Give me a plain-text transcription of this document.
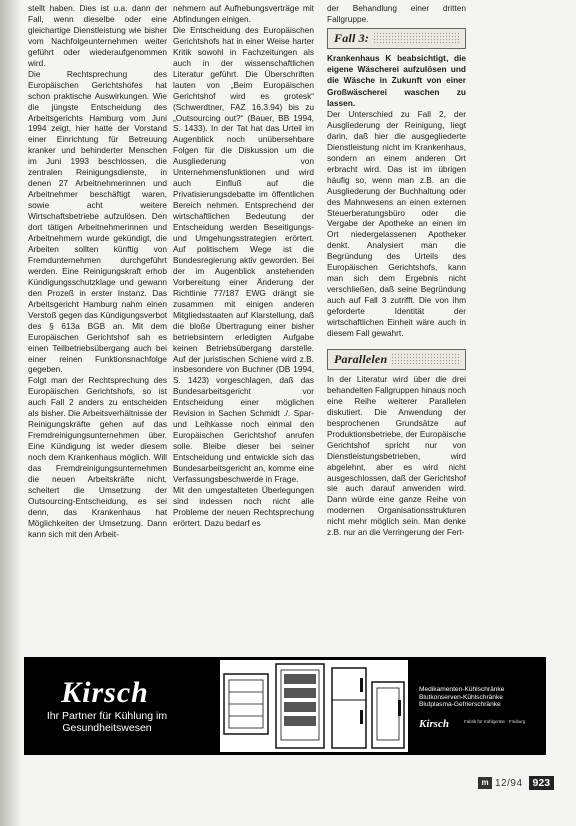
stellt haben. Dies ist u.a. dann der Fall, wenn dieselbe oder eine gleichartige Dienstleistung wie bisher vom Nachfolgeunternehmen weiter geführt oder wiederaufgenommen wird.

Die Rechtsprechung des Europäischen Gerichtshofes hat schon praktische Auswirkungen. Wie die jüngste Entscheidung des Arbeitsgerichts Hamburg vom Juni 1994 zeigt, hier hatte der Vorstand einer Einrichtung für Betreuung kranker und behinderter Menschen im Juni 1993 beschlossen, die zentralen Reinigungsdienste, in denen 27 Arbeitnehmerinnen und Arbeitnehmer beschäftigt waren, sowie acht weitere Wirtschaftsbetriebe aufzulösen. Den dort tätigen Arbeitnehmerinnen und Arbeitnehmern wurde gekündigt, die Arbeiten sollten künftig von Fremdunternehmen durchgeführt werden. Eine Reinigungskraft erhob Kündigungsschutzklage und gewann den Prozeß in erster Instanz. Das Arbeitsgericht Hamburg nahm einen Verstoß gegen das Kündigungsverbot des § 613a BGB an. Mit dem Europäischen Gerichtshof sah es einen Teilbetriebsübergang auch bei einer reinen Funktionsnachfolge gegeben.

Folgt man der Rechtsprechung des Europäischen Gerichtshofs, so ist auch Fall 2 anders zu entscheiden als bisher. Die Arbeitsverhältnisse der Reinigungskräfte gehen auf das Fremdreinigungsunternehmen über. Eine Kündigung ist weder diesem noch dem Krankenhaus möglich. Will das Fremdreinigungsunternehmen die neuen Arbeitskräfte nicht, scheitert die Umsetzung der Outsourcing-Entscheidung, es sei denn, das Krankenhaus hat Möglichkeiten der Umsetzung. Dann kann sich mit den Arbeit-

nehmern auf Aufhebungsverträge mit Abfindungen einigen.

Die Entscheidung des Europäischen Gerichtshofs hat in einer Weise harter Kritik sowohl in Fachzeitungen als auch in der wissenschaftlichen Literatur geführt. Die Überschriften lauten von „Beim Europäischen Gerichtshof wird es grotesk“ (Schwerdtner, FAZ 16.3.94) bis zu „Outsourcing out?“ (Bauer, BB 1994, S. 1433). In der Tat hat das Urteil im Augenblick noch unübersehbare Folgen für die Diskussion um die Ausgliederung von Unternehmensfunktionen und wird auch Einfluß auf die Privatisierungsdebatte im öffentlichen Bereich nehmen. Entsprechend der wirtschaftlichen Bedeutung der Entscheidung werden Beseitigungs- und Umgehungsstrategien erörtert. Auf politischem Wege ist die Bundesregierung aktiv geworden. Bei der im Augenblick anstehenden Vorbereitung einer Änderung der Richtlinie 77/187 EWG drängt sie zusammen mit einigen anderen Mitgliedsstaaten auf Klarstellung, daß die bloße Übertragung einer bisher betriebsintern erledigten Aufgabe keinen Betriebsübergang darstelle. Auf der juristischen Schiene wird z.B. insbesondere von Buchner (DB 1994, S. 1423) vorgeschlagen, daß das Bundesarbeitsgericht vor Entscheidung einer möglichen Revision in Sachen Schmidt ./. Spar- und Leihkasse noch einmal den Europäischen Gerichtshof anrufen solle. Bleibe dieser bei seiner Entscheidung und entwickle sich das Bundesarbeitsgericht an, komme eine Verfassungsbeschwerde in Frage.

Mit den umgestalteten Überlegungen sind indessen noch nicht alle Probleme der neuen Rechtsprechung erörtert. Dazu bedarf es

der Behandlung einer dritten Fallgruppe.

Fall 3:

Krankenhaus K beabsichtigt, die eigene Wäscherei aufzulösen und die Wäsche in Zukunft von einer Großwäscherei waschen zu lassen.

Der Unterschied zu Fall 2, der Ausgliederung der Reinigung, liegt darin, daß hier die ausgegliederte Dienstleistung nicht im Krankenhaus, sondern an einem anderen Ort erbracht wird. Das ist im übrigen häufig so, wenn man z.B. an die Ausgliederung der Buchhaltung oder des Mahnwesens an einen externen Steuerberatungsbüro oder die Vergabe der Apotheke an einen im Ort niedergelassenen Apotheker denkt. Analysiert man die Begründung des Urteils des Europäischen Gerichtshofs, kann man sich dem Ergebnis nicht verschließen, daß seine Begründung auch auf Fall 3 zutrifft. Die von ihm geforderte Identität der wirtschaftlichen Einheit wäre auch in diesem Fall gewahrt.

Parallelen

In der Literatur wird über die drei behandelten Fallgruppen hinaus noch eine Reihe weiterer Parallelen diskutiert. Die Anwendung der besprochenen Grundsätze auf Produktionsbetriebe, der Europäische Gerichtshof spricht nur von Dienstleistungsbetrieben, wird abgelehnt, aber es wird nicht ausgeschlossen, daß der Gerichtshof sie auch darauf anwenden wird. Dann würde eine ganze Reihe von modernen Organisationsstrukturen nicht mehr möglich sein. Man denke z.B. nur an die Verringerung der Fert-

Kirsch
Ihr Partner für Kühlung im Gesundheitswesen
Medikamenten-Kühlschränke
Blutkonserven-Kühlschränke
Blutplasma-Gefrierschränke
Kirsch	Fabrik für Kühlgeräte · Freiburg
m 12/94 923
